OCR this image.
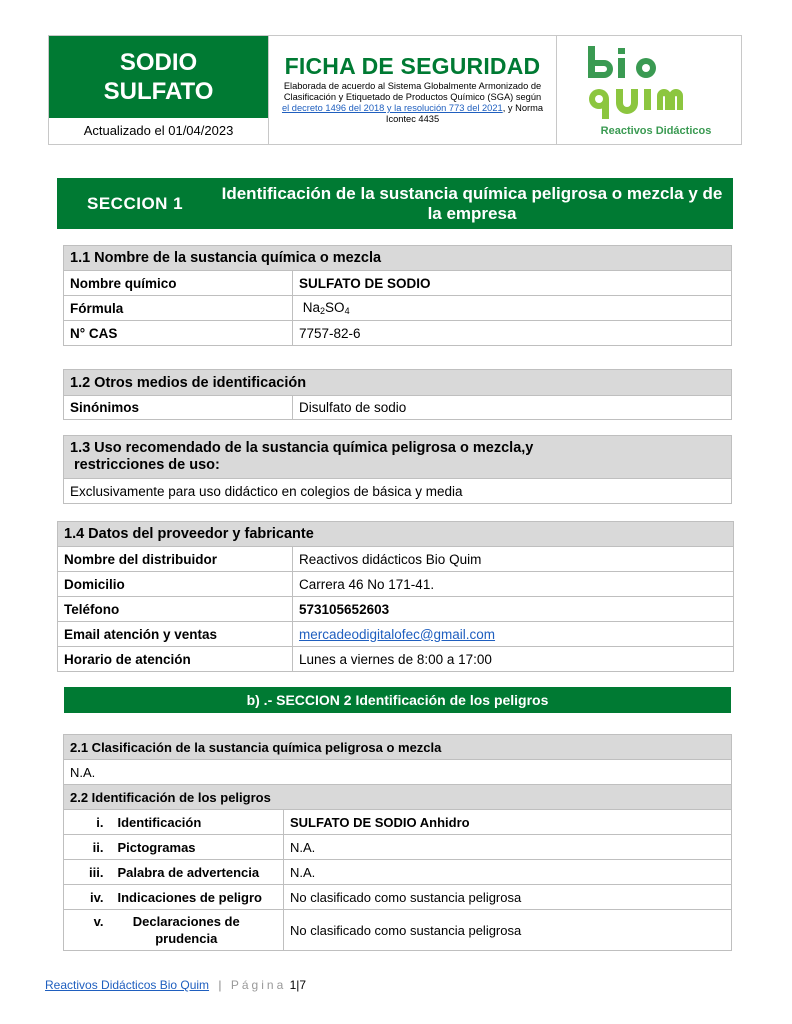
SODIO
SULFATO
Actualizado el 01/04/2023
FICHA DE SEGURIDAD
Elaborada de acuerdo al Sistema Globalmente Armonizado de Clasificación y Etiquetado de Productos Químico (SGA) según el decreto 1496 del 2018 y la resolución 773 del 2021, y Norma Icontec 4435
Reactivos Didácticos
SECCION 1
Identificación de la sustancia química peligrosa o mezcla y de la empresa
1.1 Nombre de la sustancia química o mezcla	
Nombre químico	SULFATO DE SODIO
Fórmula	$Na_2SO_4$
N° CAS	7757-82-6
1.2 Otros medios de identificación
Sinónimos	Disulfato de sodio
1.3 Uso recomendado de la sustancia química peligrosa o mezcla,y
restricciones de uso:

Exclusivamente para uso didáctico en colegios de básica y media
1.4 Datos del proveedor y fabricante	
Nombre del distribuidor	Reactivos didácticos Bio Quim
Domicilio	Carrera 46 No 171-41.
Teléfono	573105652603
Email atención y ventas	mercadeodigitalofec@gmail.com
Horario de atención	Lunes a viernes de 8:00 a 17:00
b) .- SECCION 2 Identificación de los peligros
2.1 Clasificación de la sustancia química peligrosa o mezcla		
N.A.		
2.2 Identificación de los peligros		
i.	Identificación	SULFATO DE SODIO Anhidro
ii.	Pictogramas	N.A.
iii.	Palabra de advertencia	N.A.
iv.	Indicaciones de peligro	No clasificado como sustancia peligrosa
v.	Declaraciones de
prudencia	No clasificado como sustancia peligrosa
Reactivos Didácticos Bio Quim | Página 1|7
